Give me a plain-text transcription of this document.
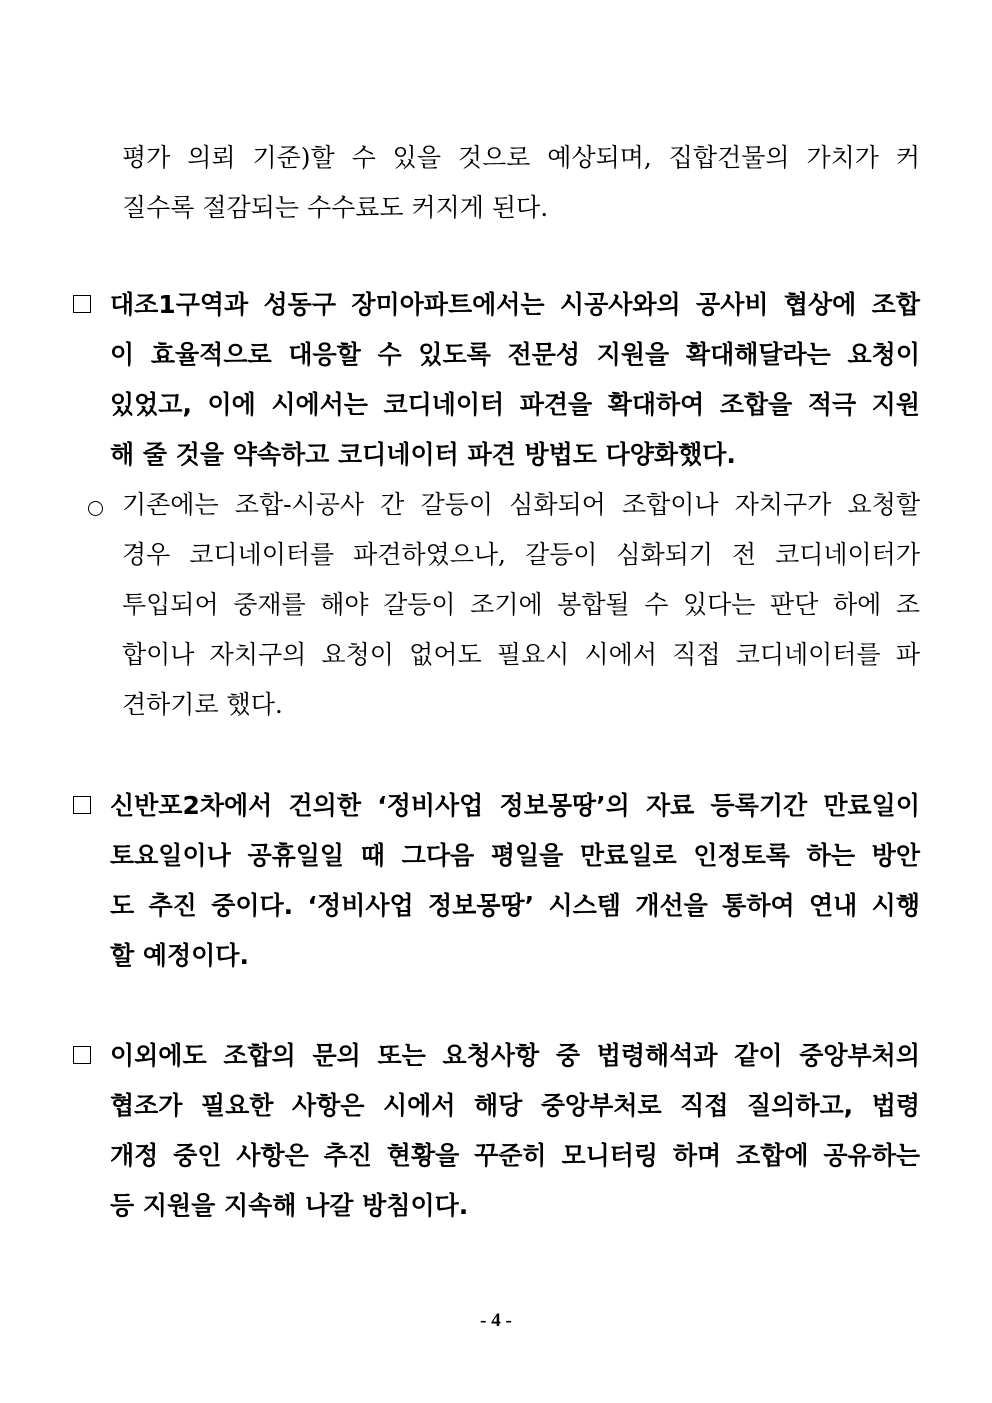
평가 의뢰 기준)할 수 있을 것으로 예상되며, 집합건물의 가치가 커
질수록 절감되는 수수료도 커지게 된다.
대조1구역과 성동구 장미아파트에서는 시공사와의 공사비 협상에 조합
이 효율적으로 대응할 수 있도록 전문성 지원을 확대해달라는 요청이
있었고, 이에 시에서는 코디네이터 파견을 확대하여 조합을 적극 지원
해 줄 것을 약속하고 코디네이터 파견 방법도 다양화했다.
기존에는 조합-시공사 간 갈등이 심화되어 조합이나 자치구가 요청할
경우 코디네이터를 파견하였으나, 갈등이 심화되기 전 코디네이터가
투입되어 중재를 해야 갈등이 조기에 봉합될 수 있다는 판단 하에 조
합이나 자치구의 요청이 없어도 필요시 시에서 직접 코디네이터를 파
견하기로 했다.
신반포2차에서 건의한 ‘정비사업 정보몽땅’의 자료 등록기간 만료일이
토요일이나 공휴일일 때 그다음 평일을 만료일로 인정토록 하는 방안
도 추진 중이다. ‘정비사업 정보몽땅’ 시스템 개선을 통하여 연내 시행
할 예정이다.
이외에도 조합의 문의 또는 요청사항 중 법령해석과 같이 중앙부처의
협조가 필요한 사항은 시에서 해당 중앙부처로 직접 질의하고, 법령
개정 중인 사항은 추진 현황을 꾸준히 모니터링 하며 조합에 공유하는
등 지원을 지속해 나갈 방침이다.
- 4 -
